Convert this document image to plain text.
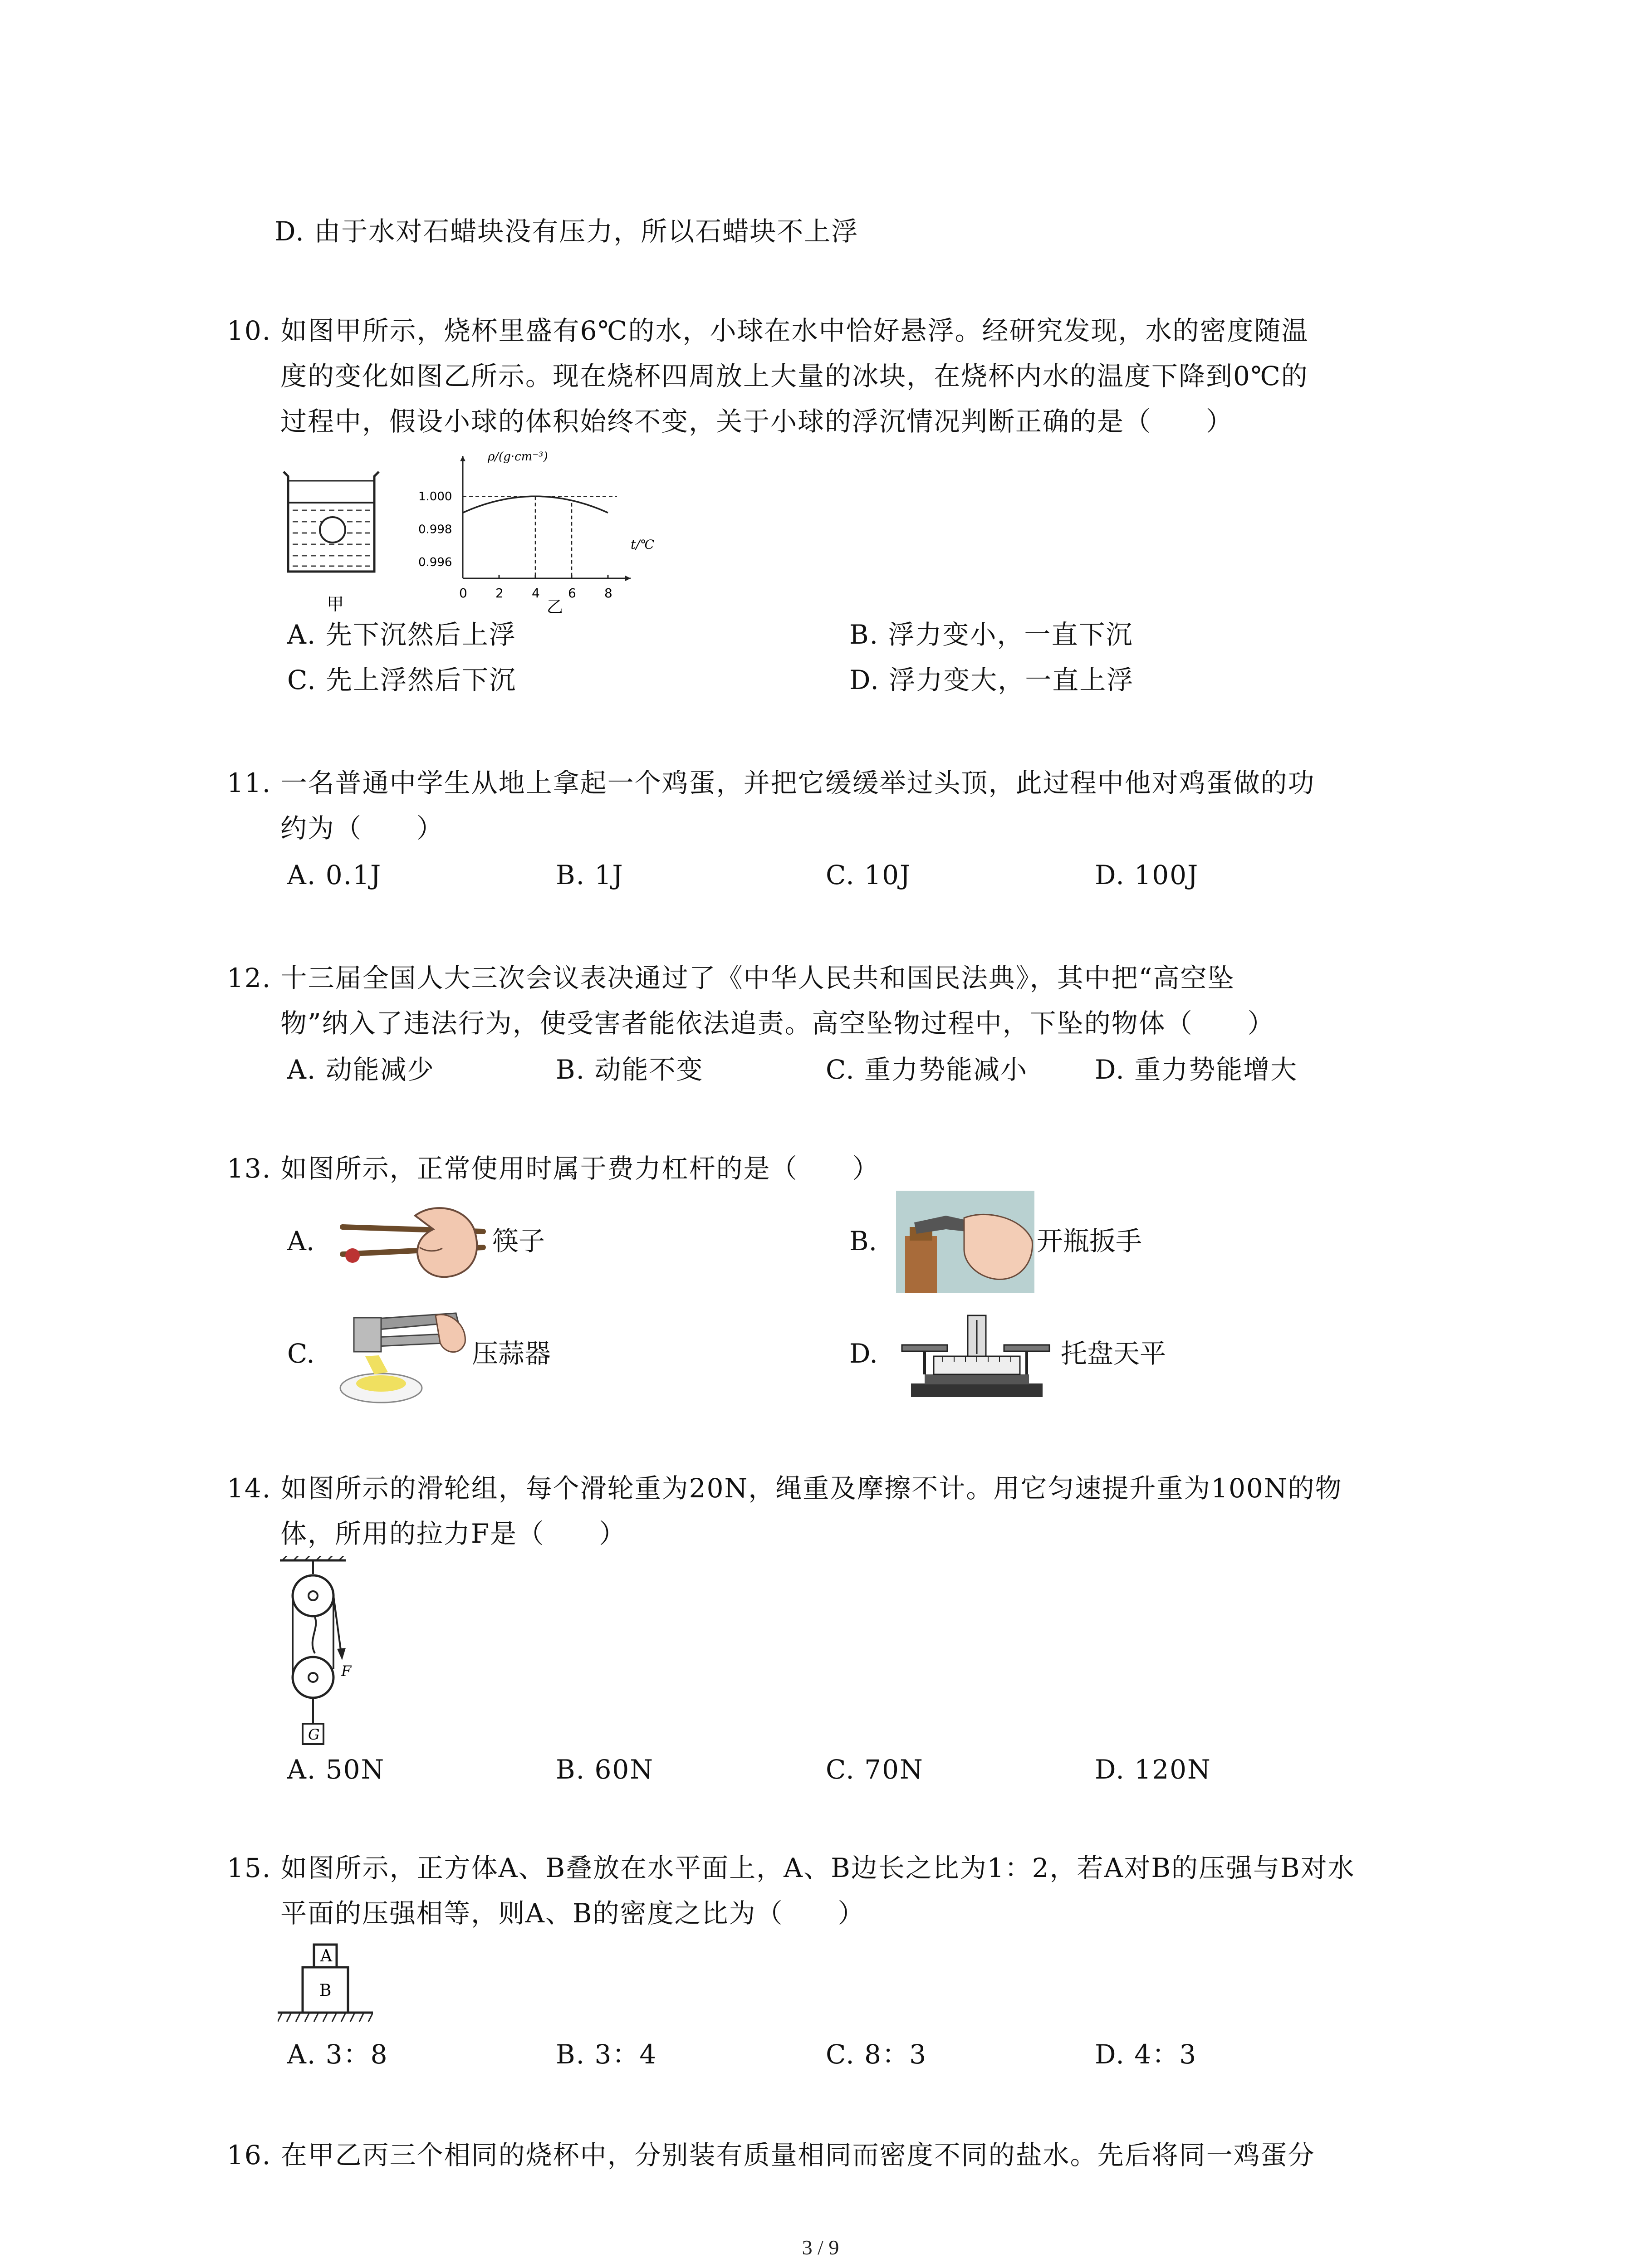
D. 由于水对石蜡块没有压力，所以石蜡块不上浮
10. 如图甲所示，烧杯里盛有6℃的水，小球在水中恰好悬浮。经研究发现，水的密度随温
度的变化如图乙所示。现在烧杯四周放上大量的冰块，在烧杯内水的温度下降到0℃的
过程中，假设小球的体积始终不变，关于小球的浮沉情况判断正确的是（　　）
甲
0 2 4 6 8
1.000
0.998
0.996
ρ/(g·cm⁻³)
t/℃
乙
A. 先下沉然后上浮	B. 浮力变小，一直下沉
C. 先上浮然后下沉	D. 浮力变大，一直上浮
11. 一名普通中学生从地上拿起一个鸡蛋，并把它缓缓举过头顶，此过程中他对鸡蛋做的功
约为（　　）
A. 0.1J	B. 1J	C. 10J	D. 100J
12. 十三届全国人大三次会议表决通过了《中华人民共和国民法典》，其中把“高空坠
物”纳入了违法行为，使受害者能依法追责。高空坠物过程中，下坠的物体（　　）
A. 动能减少	B. 动能不变	C. 重力势能减小	D. 重力势能增大
13. 如图所示，正常使用时属于费力杠杆的是（　　）
A.	筷子	B.	开瓶扳手
C.	压蒜器	D.	托盘天平
14. 如图所示的滑轮组，每个滑轮重为20N，绳重及摩擦不计。用它匀速提升重为100N的物
体，所用的拉力F是（　　）
G
F
A. 50N	B. 60N	C. 70N	D. 120N
15. 如图所示，正方体A、B叠放在水平面上，A、B边长之比为1：2，若A对B的压强与B对水
平面的压强相等，则A、B的密度之比为（　　）
A
B
A. 3：8	B. 3：4	C. 8：3	D. 4：3
16. 在甲乙丙三个相同的烧杯中，分别装有质量相同而密度不同的盐水。先后将同一鸡蛋分
3 / 9
